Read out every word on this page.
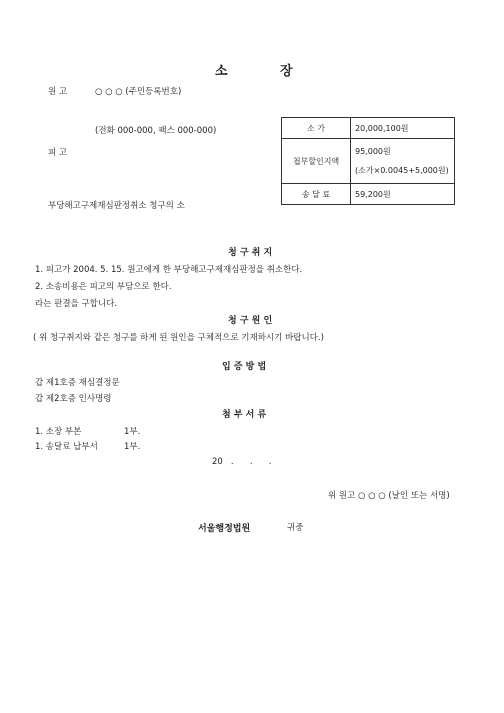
소	장
원 고	○ ○ ○ (주민등록번호)
(전화 000-000, 팩스 000-000)
피 고
소 가	20,000,100원
첩부할인지액	95,000원
(소가×0.0045+5,000원)

송 달 료	59,200원
부당해고구제재심판정취소 청구의 소
청 구 취 지
1. 피고가 2004. 5. 15. 원고에게 한 부당해고구제재심판정을 취소한다.
2. 소송비용은 피고의 부담으로 한다.
라는 판결을 구합니다.
청 구 원 인
( 위 청구취지와 같은 청구를 하게 된 원인을 구체적으로 기재하시기 바랍니다.)
입 증 방 법
갑 제1호증 재심결정문
갑 제2호증 인사명령
첨 부 서 류
1. 소장 부본	1부.
1. 송달료 납부서	1부.
20   .      .      .
위 원고 ○ ○ ○ (날인 또는 서명)
서울행정법원	귀중
